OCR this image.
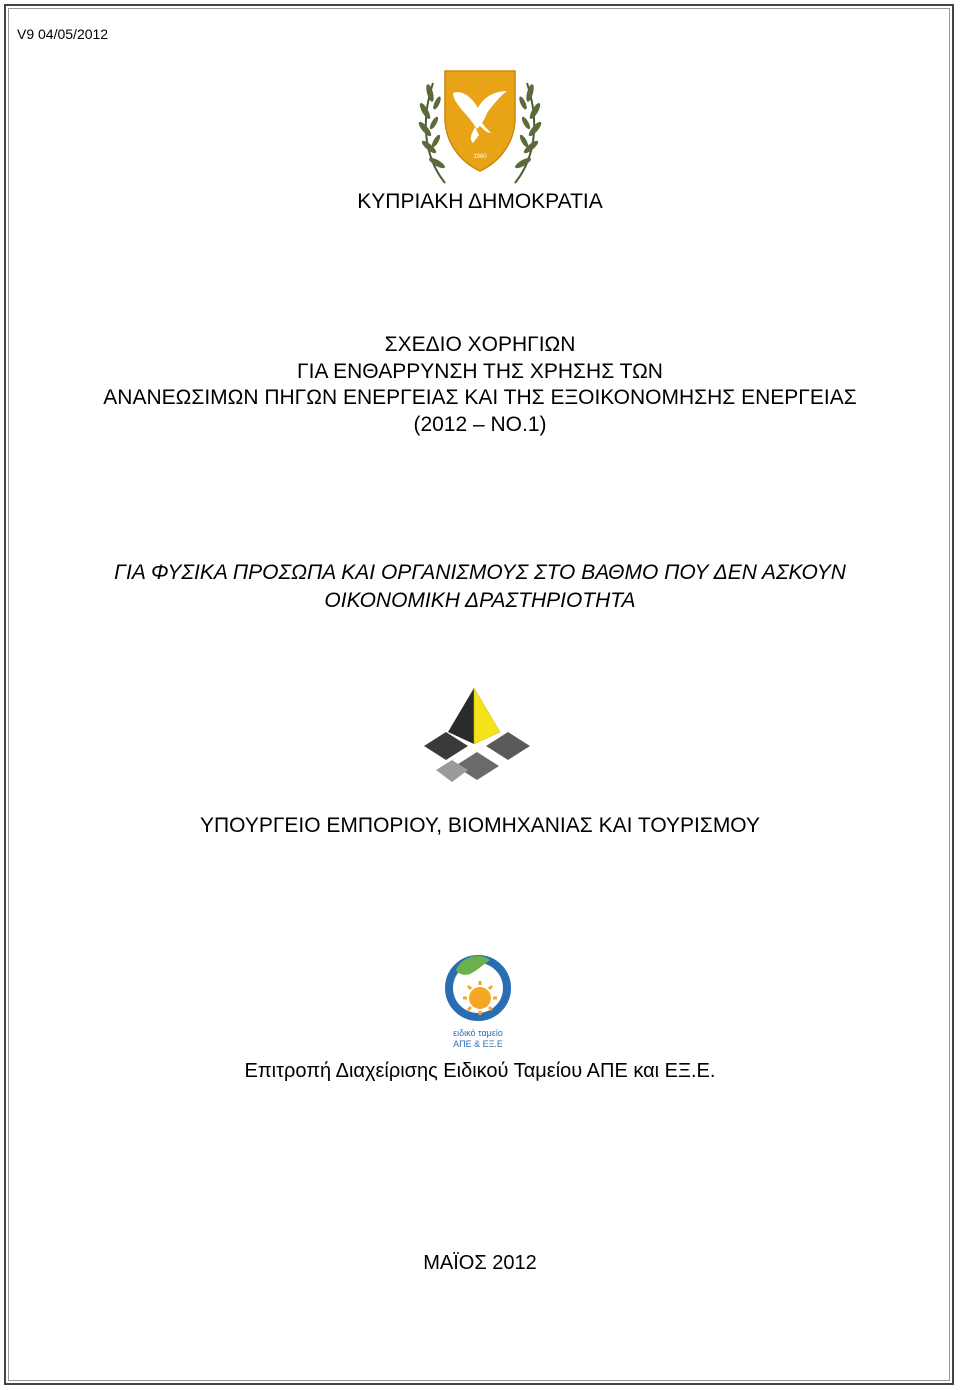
V9 04/05/2012
1960
ΚΥΠΡΙΑΚΗ ΔΗΜΟΚΡΑΤΙΑ
ΣΧΕΔΙΟ ΧΟΡΗΓΙΩΝ
ΓΙΑ ΕΝΘΑΡΡΥΝΣΗ ΤΗΣ ΧΡΗΣΗΣ ΤΩΝ
ΑΝΑΝΕΩΣΙΜΩΝ ΠΗΓΩΝ ΕΝΕΡΓΕΙΑΣ ΚΑΙ ΤΗΣ ΕΞΟΙΚΟΝΟΜΗΣΗΣ ΕΝΕΡΓΕΙΑΣ
(2012 – ΝΟ.1)
ΓΙΑ ΦΥΣΙΚΑ ΠΡΟΣΩΠΑ ΚΑΙ ΟΡΓΑΝΙΣΜΟΥΣ ΣΤΟ ΒΑΘΜΟ ΠΟΥ ΔΕΝ ΑΣΚΟΥΝ
ΟΙΚΟΝΟΜΙΚΗ ΔΡΑΣΤΗΡΙΟΤΗΤΑ
ΥΠΟΥΡΓΕΙΟ ΕΜΠΟΡΙΟΥ, ΒΙΟΜΗΧΑΝΙΑΣ ΚΑΙ ΤΟΥΡΙΣΜΟΥ
ειδικό ταμείο
ΑΠΕ & ΕΞ.Ε
Επιτροπή Διαχείρισης Ειδικού Ταμείου ΑΠΕ και ΕΞ.Ε.
ΜΑΪΟΣ 2012
